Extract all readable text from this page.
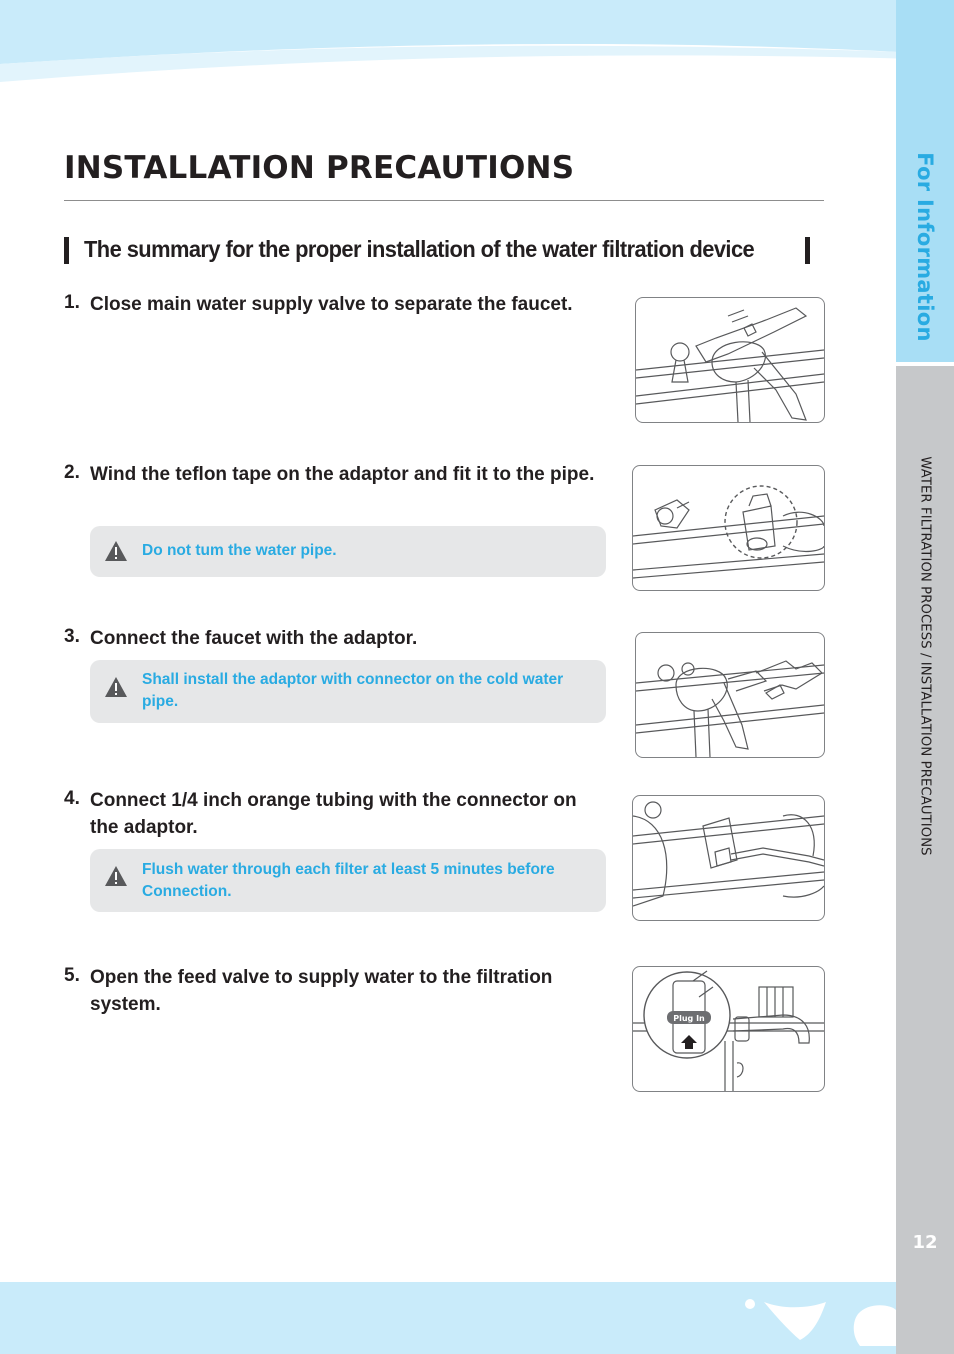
For Information
WATER FILTRATION PROCESS / INSTALLATION PRECAUTIONS
12
INSTALLATION PRECAUTIONS
The summary for the proper installation of the water filtration device
1. Close main water supply valve to separate the faucet.
2. Wind the teflon tape on the adaptor and fit it to the pipe.
Do not tum the water pipe.
3. Connect the faucet with the adaptor.
Shall install the adaptor with connector on the cold water pipe.
4. Connect 1/4 inch orange tubing with the connector on the adaptor.
Flush water through each filter at least 5 minutes before Connection.
5. Open the feed valve to supply water to the filtration system.
Plug In
